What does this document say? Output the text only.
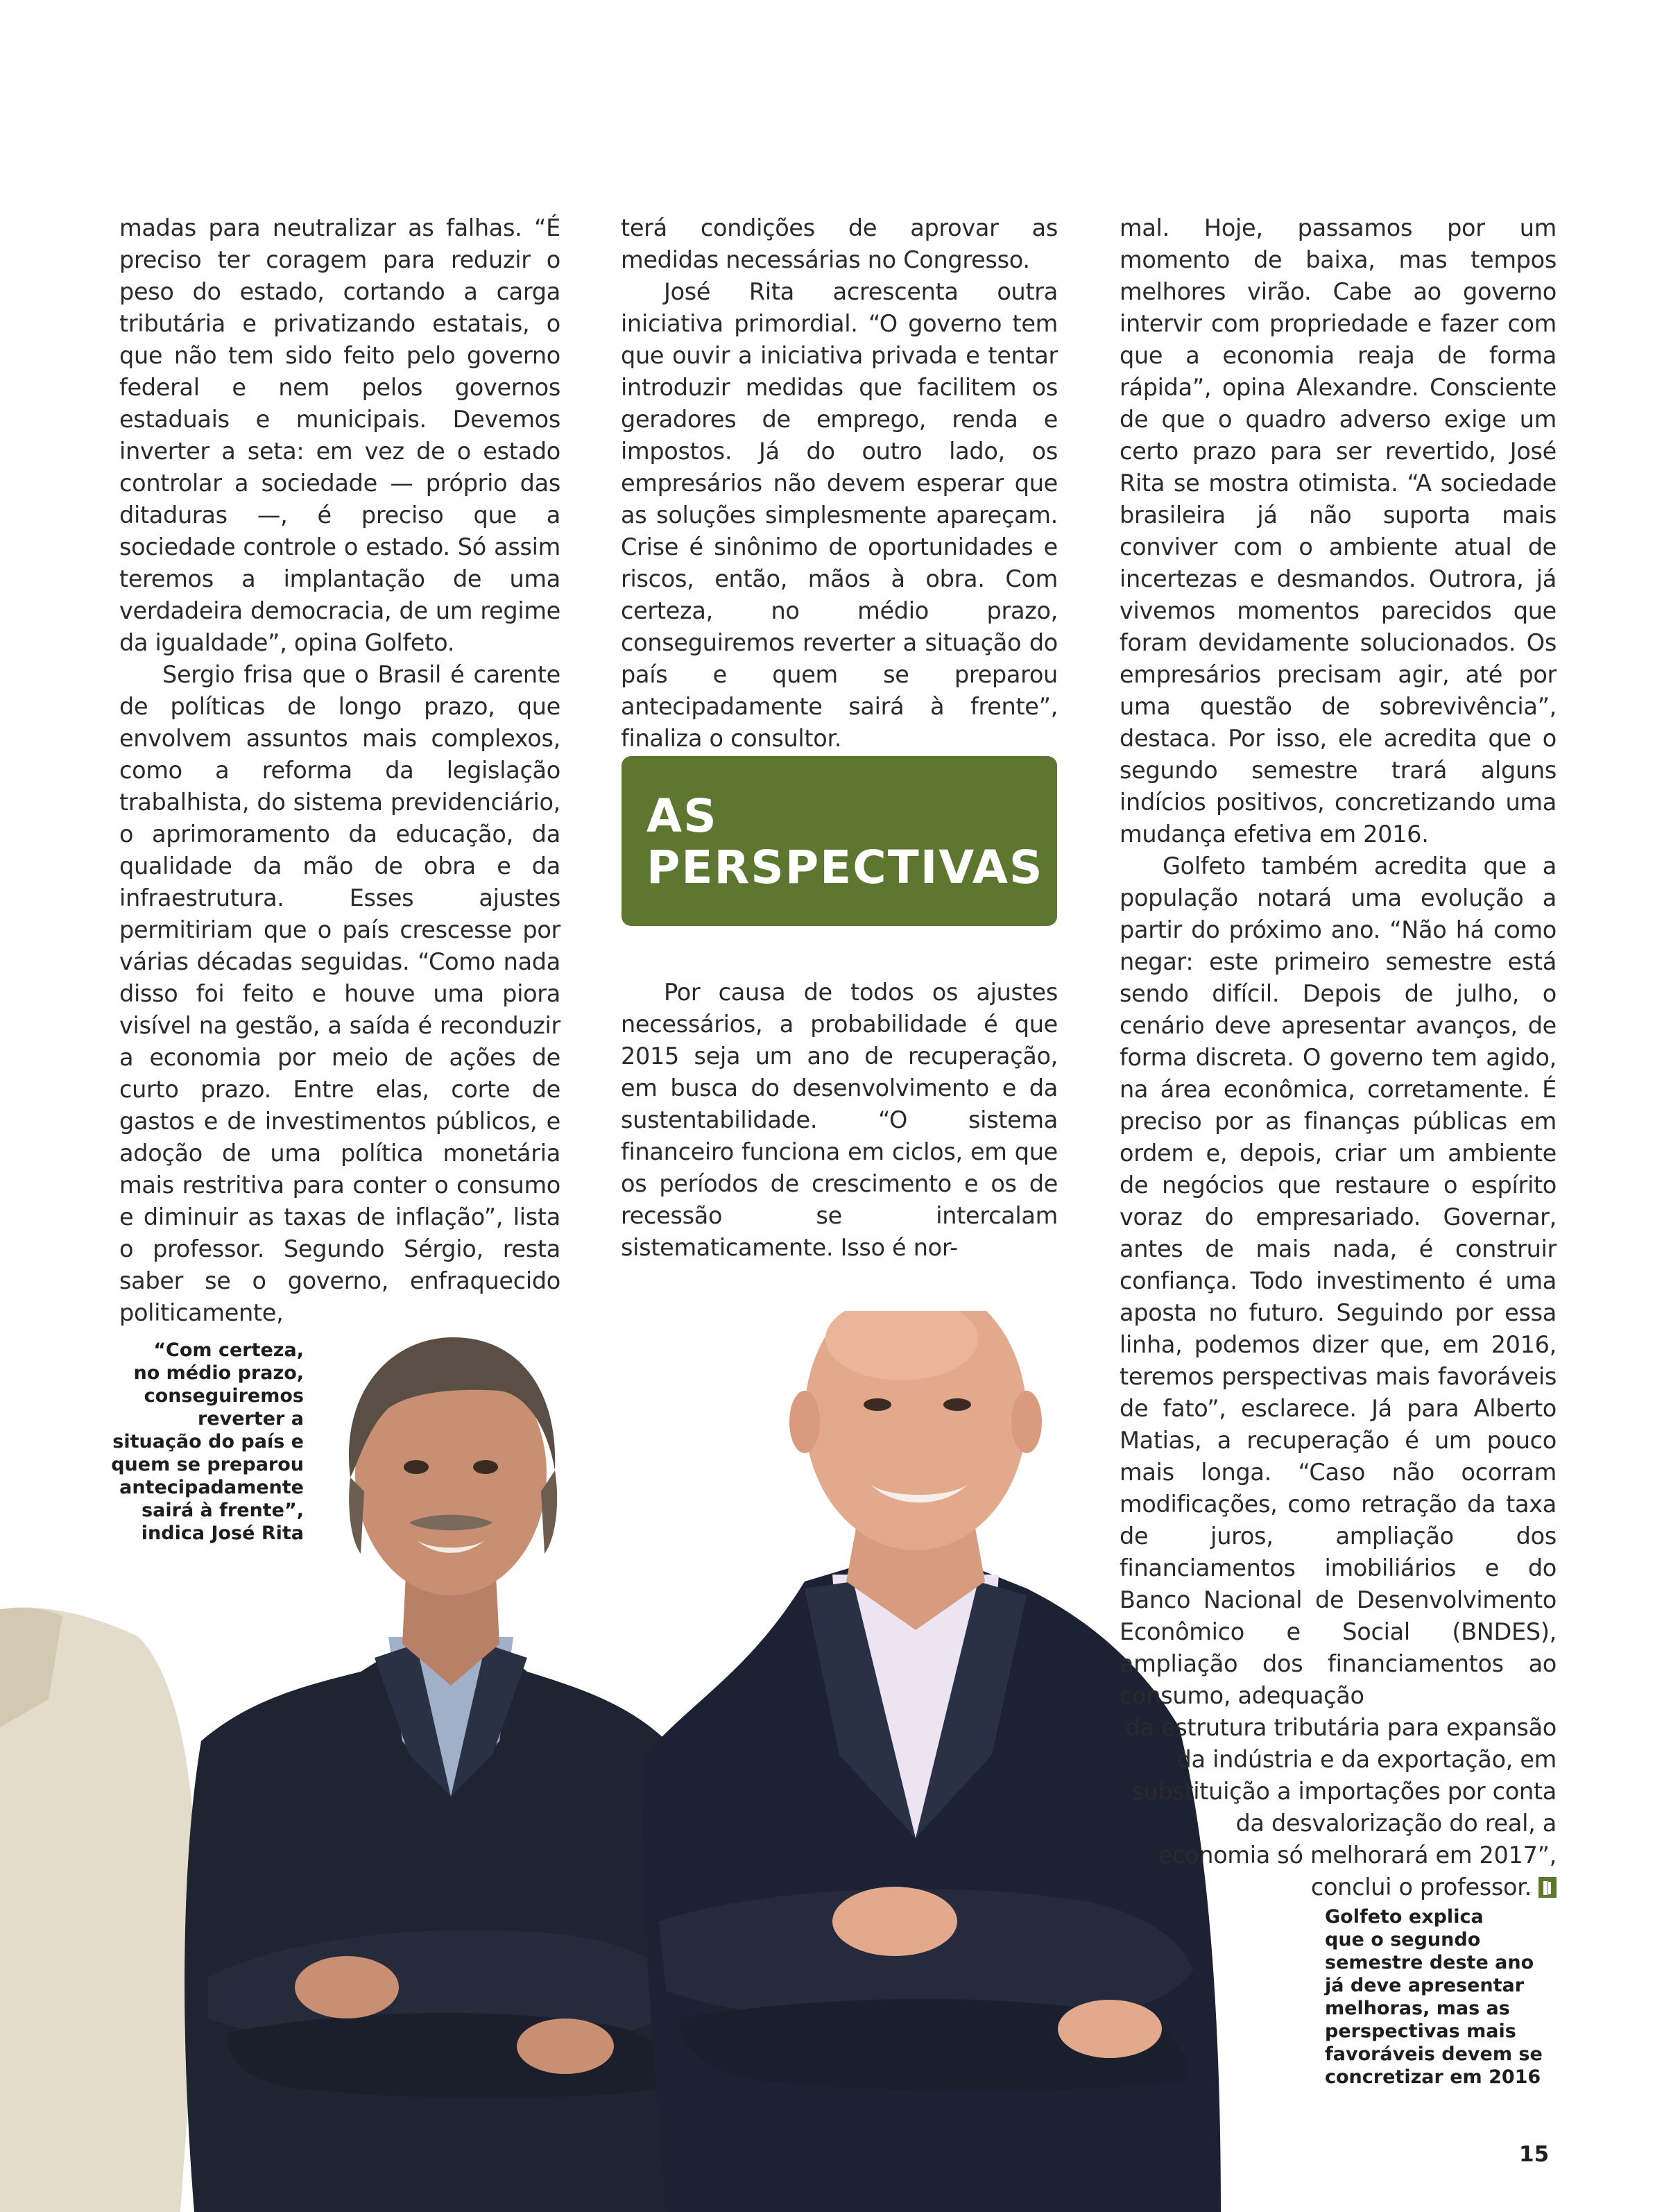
madas para neutralizar as falhas. “É preciso ter coragem para reduzir o peso do estado, cortando a carga tributária e privatizando estatais, o que não tem sido feito pelo governo federal e nem pelos governos estaduais e municipais. Devemos inverter a seta: em vez de o estado controlar a sociedade — próprio das ditaduras —, é preciso que a sociedade controle o estado. Só assim teremos a implantação de uma verdadeira democracia, de um regime da igualdade”, opina Golfeto.

Sergio frisa que o Brasil é carente de políticas de longo prazo, que envolvem assuntos mais complexos, como a reforma da legislação trabalhista, do sistema previdenciário, o aprimoramento da educação, da qualidade da mão de obra e da infraestrutura. Esses ajustes permitiriam que o país crescesse por várias décadas seguidas. “Como nada disso foi feito e houve uma piora visível na gestão, a saída é reconduzir a economia por meio de ações de curto prazo. Entre elas, corte de gastos e de investimentos públicos, e adoção de uma política monetária mais restritiva para conter o consumo e diminuir as taxas de inflação”, lista o professor. Segundo Sérgio, resta saber se o governo, enfraquecido politicamente,

terá condições de aprovar as medidas necessárias no Congresso.

José Rita acrescenta outra iniciativa primordial. “O governo tem que ouvir a iniciativa privada e tentar introduzir medidas que facilitem os geradores de emprego, renda e impostos. Já do outro lado, os empresários não devem esperar que as soluções simplesmente apareçam. Crise é sinônimo de oportunidades e riscos, então, mãos à obra. Com certeza, no médio prazo, conseguiremos reverter a situação do país e quem se preparou antecipadamente sairá à frente”, finaliza o consultor.

AS
PERSPECTIVAS

Por causa de todos os ajustes necessários, a probabilidade é que 2015 seja um ano de recuperação, em busca do desenvolvimento e da sustentabilidade. “O sistema financeiro funciona em ciclos, em que os períodos de crescimento e os de recessão se intercalam sistematicamente. Isso é nor-

mal. Hoje, passamos por um momento de baixa, mas tempos melhores virão. Cabe ao governo intervir com propriedade e fazer com que a economia reaja de forma rápida”, opina Alexandre. Consciente de que o quadro adverso exige um certo prazo para ser revertido, José Rita se mostra otimista. “A sociedade brasileira já não suporta mais conviver com o ambiente atual de incertezas e desmandos. Outrora, já vivemos momentos parecidos que foram devidamente solucionados. Os empresários precisam agir, até por uma questão de sobrevivência”, destaca. Por isso, ele acredita que o segundo semestre trará alguns indícios positivos, concretizando uma mudança efetiva em 2016.

Golfeto também acredita que a população notará uma evolução a partir do próximo ano. “Não há como negar: este primeiro semestre está sendo difícil. Depois de julho, o cenário deve apresentar avanços, de forma discreta. O governo tem agido, na área econômica, corretamente. É preciso por as finanças públicas em ordem e, depois, criar um ambiente de negócios que restaure o espírito voraz do empresariado. Governar, antes de mais nada, é construir confiança. Todo investimento é uma aposta no futuro. Seguindo por essa linha, podemos dizer que, em 2016, teremos perspectivas mais favoráveis de fato”, esclarece. Já para Alberto Matias, a recuperação é um pouco mais longa. “Caso não ocorram modificações, como retração da taxa de juros, ampliação dos financiamentos imobiliários e do Banco Nacional de Desenvolvimento Econômico e Social (BNDES), ampliação dos financiamentos ao consumo, adequação

da estrutura tributária para expansão da indústria e da exportação, em substituição a importações por conta da desvalorização do real, a economia só melhorará em 2017”, conclui o professor.

“Com certeza,
no médio prazo,
conseguiremos
reverter a
situação do país e
quem se preparou
antecipadamente
sairá à frente”,
indica José Rita
Golfeto explica
que o segundo
semestre deste ano
já deve apresentar
melhoras, mas as
perspectivas mais
favoráveis devem se
concretizar em 2016
15
